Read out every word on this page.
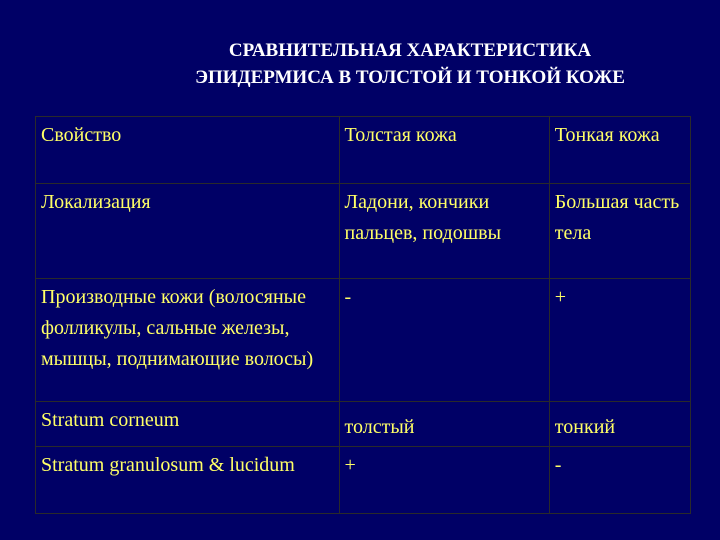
СРАВНИТЕЛЬНАЯ ХАРАКТЕРИСТИКА
ЭПИДЕРМИСА В ТОЛСТОЙ И ТОНКОЙ КОЖЕ
Свойство	Толстая кожа	Тонкая кожа
Локализация	Ладони, кончики пальцев, подошвы	Большая часть тела
Производные кожи (волосяные фолликулы, сальные железы, мышцы, поднимающие волосы)	-	+
Stratum corneum	толстый	тонкий
Stratum granulosum & lucidum	+	-
